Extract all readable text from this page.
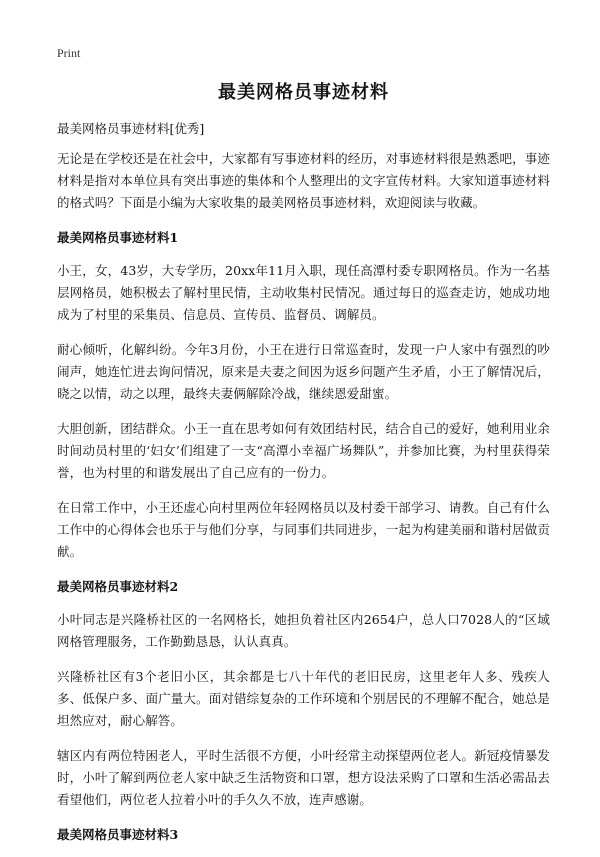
Print
最美网格员事迹材料

最美网格员事迹材料[优秀]

无论是在学校还是在社会中，大家都有写事迹材料的经历，对事迹材料很是熟悉吧，事迹材料是指对本单位具有突出事迹的集体和个人整理出的文字宣传材料。大家知道事迹材料的格式吗？下面是小编为大家收集的最美网格员事迹材料，欢迎阅读与收藏。

最美网格员事迹材料1

小王，女，43岁，大专学历，20xx年11月入职，现任高潭村委专职网格员。作为一名基层网格员，她积极去了解村里民情，主动收集村民情况。通过每日的巡查走访，她成功地成为了村里的采集员、信息员、宣传员、监督员、调解员。

耐心倾听，化解纠纷。今年3月份，小王在进行日常巡查时，发现一户人家中有强烈的吵闹声，她连忙进去询问情况，原来是夫妻之间因为返乡问题产生矛盾，小王了解情况后，晓之以情，动之以理，最终夫妻俩解除冷战，继续恩爱甜蜜。

大胆创新，团结群众。小王一直在思考如何有效团结村民，结合自己的爱好，她利用业余时间动员村里的‘妇女’们组建了一支“高潭小幸福广场舞队”，并参加比赛，为村里获得荣誉，也为村里的和谐发展出了自己应有的一份力。

在日常工作中，小王还虚心向村里两位年轻网格员以及村委干部学习、请教。自己有什么工作中的心得体会也乐于与他们分享，与同事们共同进步，一起为构建美丽和谐村居做贡献。

最美网格员事迹材料2

小叶同志是兴隆桥社区的一名网格长，她担负着社区内2654户，总人口7028人的“区域网格管理服务，工作勤勤恳恳，认认真真。

兴隆桥社区有3个老旧小区，其余都是七八十年代的老旧民房，这里老年人多、残疾人多、低保户多、面广量大。面对错综复杂的工作环境和个别居民的不理解不配合，她总是坦然应对，耐心解答。

辖区内有两位特困老人，平时生活很不方便，小叶经常主动探望两位老人。新冠疫情暴发时，小叶了解到两位老人家中缺乏生活物资和口罩，想方设法采购了口罩和生活必需品去看望他们，两位老人拉着小叶的手久久不放，连声感谢。

最美网格员事迹材料3
